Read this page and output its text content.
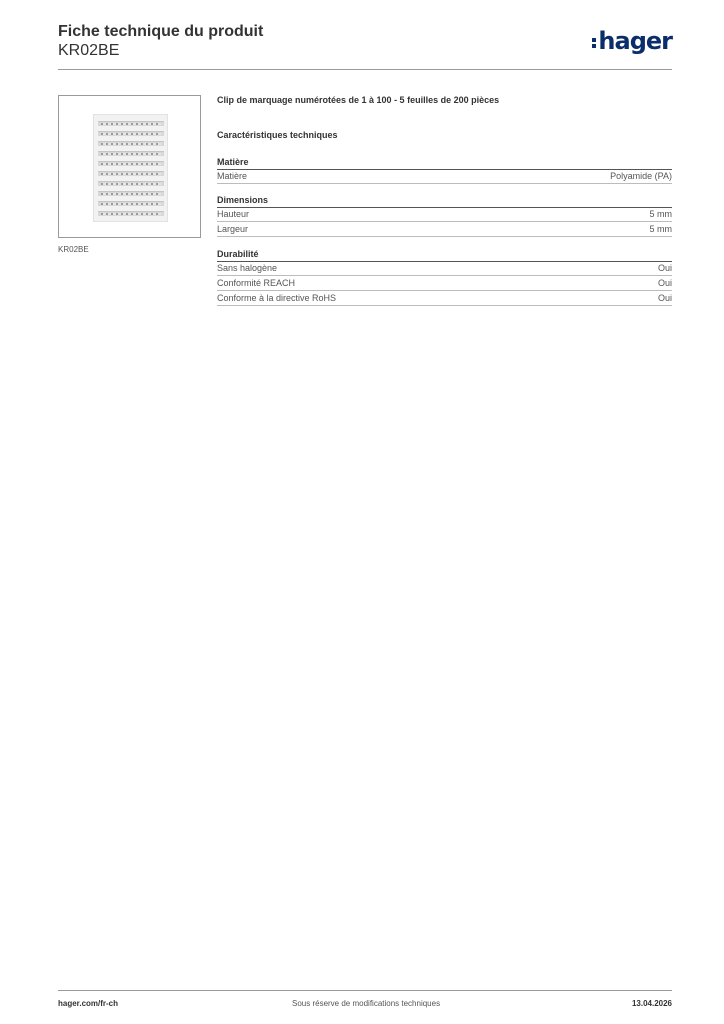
Fiche technique du produit
KR02BE	hager
KR02BE
Clip de marquage numérotées de 1 à 100 - 5 feuilles de 200 pièces
Caractéristiques techniques
Matière
Matière	Polyamide (PA)
Dimensions
Hauteur	5 mm
Largeur	5 mm
Durabilité
Sans halogène	Oui
Conformité REACH	Oui
Conforme à la directive RoHS	Oui
hager.com/fr-ch	Sous réserve de modifications techniques	13.04.2026
